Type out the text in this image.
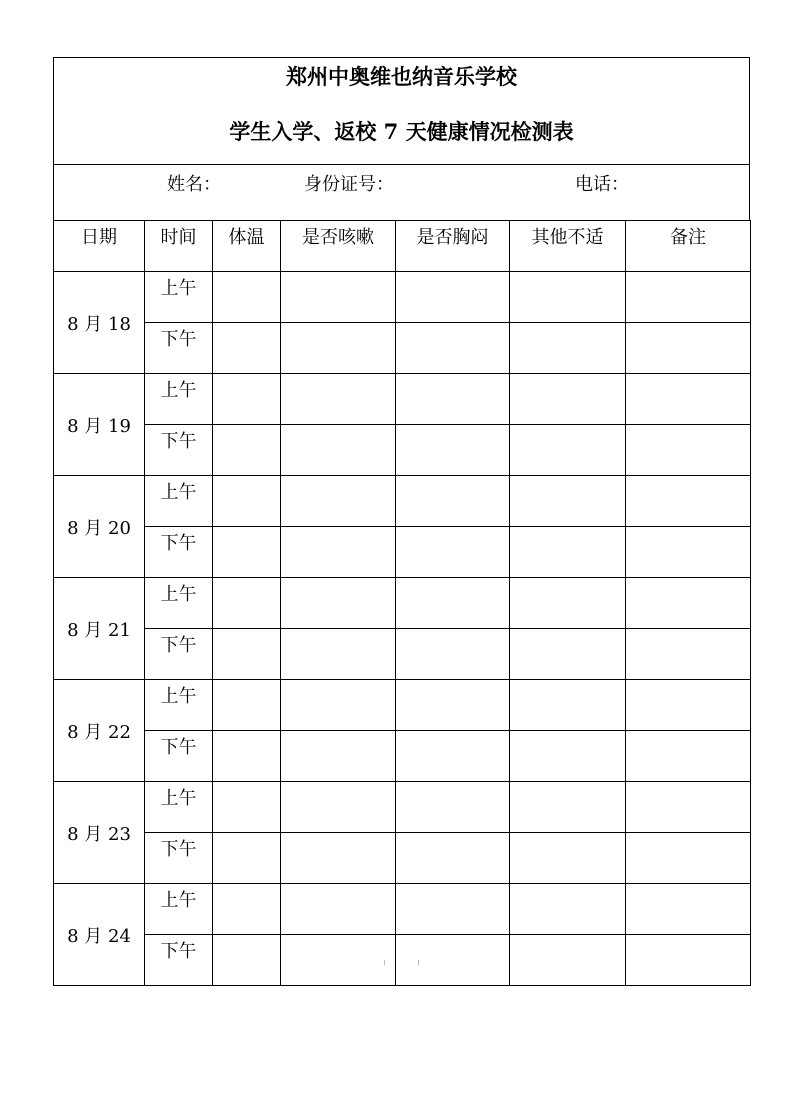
郑州中奥维也纳音乐学校
学生入学、返校 7 天健康情况检测表
姓名：	身份证号：	电话：
日期	时间	体温	是否咳嗽	是否胸闷	其他不适	备注
8 月 18	上午					
	下午					
8 月 19	上午					
	下午					
8 月 20	上午					
	下午					
8 月 21	上午					
	下午					
8 月 22	上午					
	下午					
8 月 23	上午					
	下午					
8 月 24	上午					
	下午					
